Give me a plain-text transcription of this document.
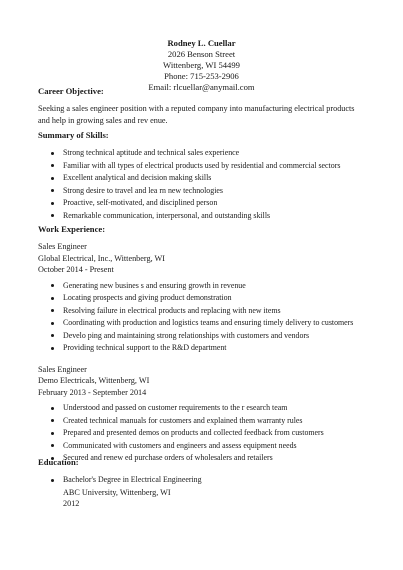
Rodney L. Cuellar
2026 Benson Street
Wittenberg, WI 54499
Phone: 715-253-2906
Email: rlcuellar@anymail.com
Career Objective:
Seeking a sales engineer position with a reputed company into manufacturing electrical products
and help in growing sales and rev enue.
Summary of Skills:
Strong technical aptitude and technical sales experience
Familiar with all types of electrical products used by residential and commercial sectors
Excellent analytical and decision making skills
Strong desire to travel and lea rn new technologies
Proactive, self-motivated, and disciplined person
Remarkable communication, interpersonal, and outstanding skills
Work Experience:
Sales Engineer
Global Electrical, Inc., Wittenberg, WI
October 2014 - Present
Generating new busines s and ensuring growth in revenue
Locating prospects and giving product demonstration
Resolving failure in electrical products and replacing with new items
Coordinating with production and logistics teams and ensuring timely delivery to customers
Develo ping and maintaining strong relationships with customers and vendors
Providing technical support to the R&D department
Sales Engineer
Demo Electricals, Wittenberg, WI
February 2013 - September 2014
Understood and passed on customer requirements to the r esearch team
Created technical manuals for customers and explained them warranty rules
Prepared and presented demos on products and collected feedback from customers
Communicated with customers and engineers and assess equipment needs
Secured and renew ed purchase orders of wholesalers and retailers
Education:
Bachelor's Degree in Electrical Engineering
ABC University, Wittenberg, WI
2012
